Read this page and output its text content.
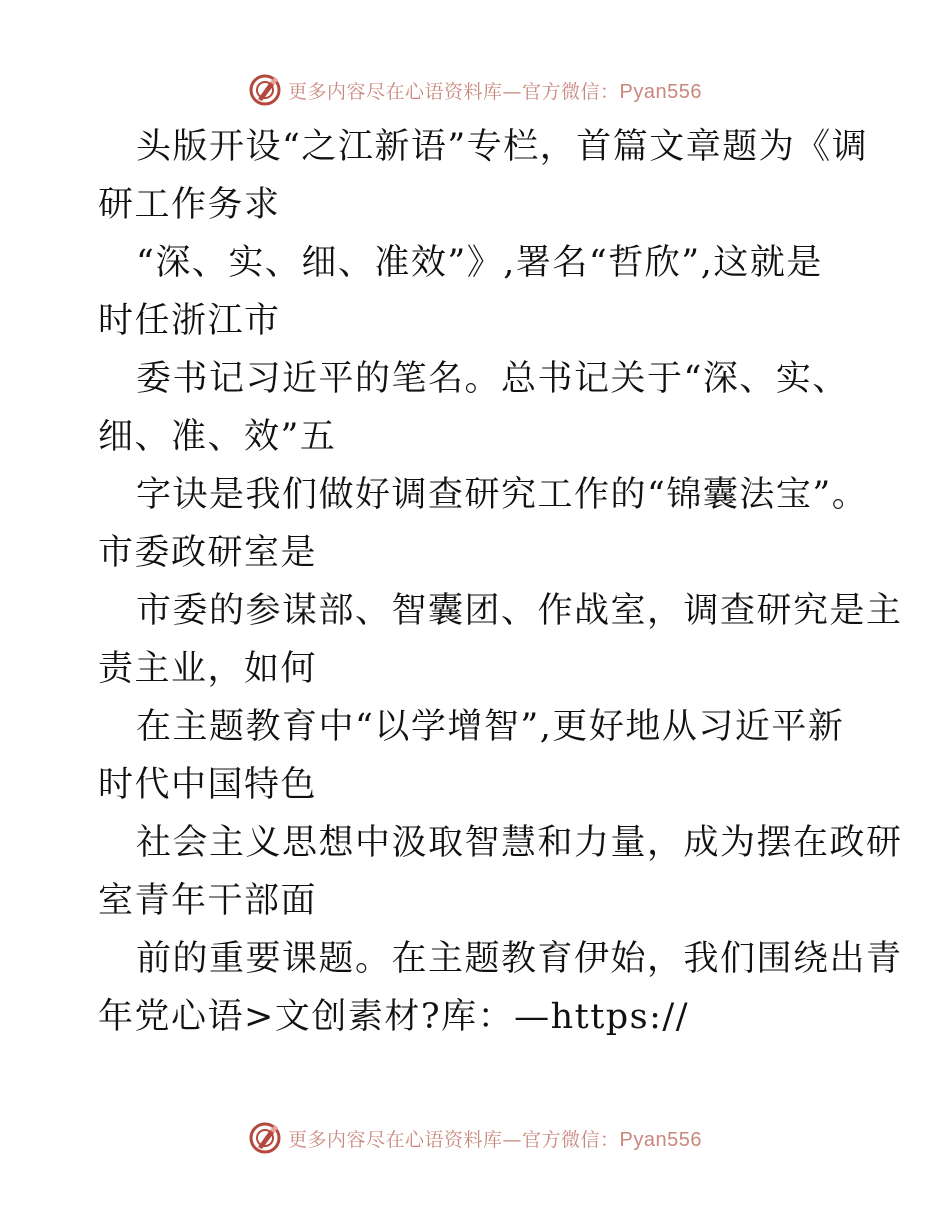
更多内容尽在心语资料库—官方微信：Pyan556
头版开设“之江新语”专栏，首篇文章题为《调
研工作务求
“深、实、细、准效”》,署名“哲欣”,这就是
时任浙江市
委书记习近平的笔名。总书记关于“深、实、
细、准、效”五
字诀是我们做好调查研究工作的“锦囊法宝”。
市委政研室是
市委的参谋部、智囊团、作战室，调查研究是主
责主业，如何
在主题教育中“以学增智”,更好地从习近平新
时代中国特色
社会主义思想中汲取智慧和力量，成为摆在政研
室青年干部面
前的重要课题。在主题教育伊始，我们围绕出青
年党心语>文创素材?库：—https://
更多内容尽在心语资料库—官方微信：Pyan556
